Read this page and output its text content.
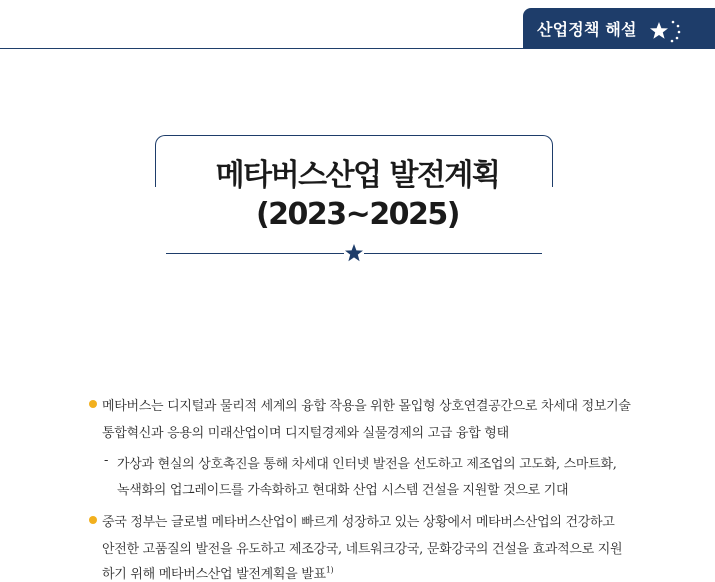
산업정책 해설
메타버스산업 발전계획
(2023~2025)
메타버스는 디지털과 물리적 세계의 융합 작용을 위한 몰입형 상호연결공간으로 차세대 정보기술
통합혁신과 응용의 미래산업이며 디지털경제와 실물경제의 고급 융합 형태
- 가상과 현실의 상호촉진을 통해 차세대 인터넷 발전을 선도하고 제조업의 고도화, 스마트화,
녹색화의 업그레이드를 가속화하고 현대화 산업 시스템 건설을 지원할 것으로 기대
중국 정부는 글로벌 메타버스산업이 빠르게 성장하고 있는 상황에서 메타버스산업의 건강하고
안전한 고품질의 발전을 유도하고 제조강국, 네트워크강국, 문화강국의 건설을 효과적으로 지원
하기 위해 메타버스산업 발전계획을 발표$^{1)}$
